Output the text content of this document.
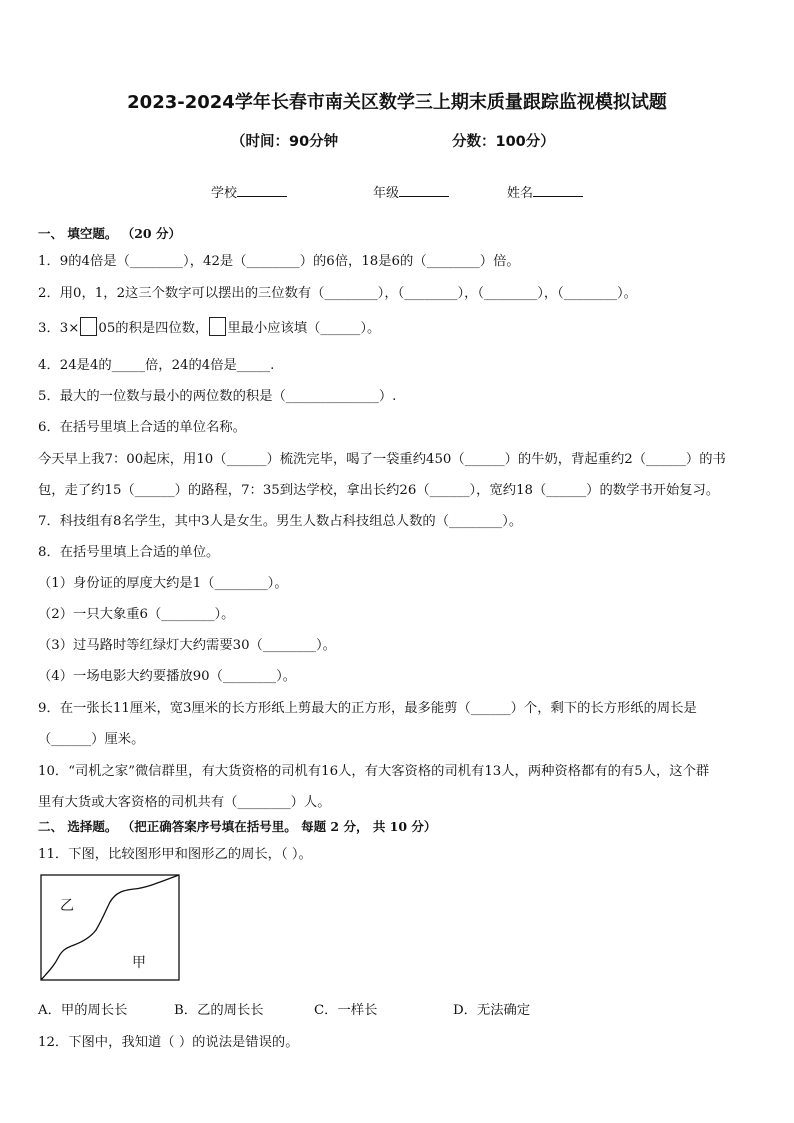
2023-2024学年长春市南关区数学三上期末质量跟踪监视模拟试题
（时间：90分钟	分数：100分）
学校	年级	姓名
一、 填空题。 （20 分）
1．9的4倍是（________），42是（________）的6倍，18是6的（________）倍。
2．用0，1，2这三个数字可以摆出的三位数有（________），（________），（________），（________）。
3．3× 05的积是四位数， 里最小应该填（______）。
4．24是4的_____倍，24的4倍是_____.
5．最大的一位数与最小的两位数的积是（______________）.
6．在括号里填上合适的单位名称。
今天早上我7：00起床，用10（______）梳洗完毕，喝了一袋重约450（______）的牛奶，背起重约2（______）的书
包，走了约15（______）的路程，7：35到达学校，拿出长约26（______），宽约18（______）的数学书开始复习。
7．科技组有8名学生，其中3人是女生。男生人数占科技组总人数的（________）。
8．在括号里填上合适的单位。
（1）身份证的厚度大约是1（________）。
（2）一只大象重6（________）。
（3）过马路时等红绿灯大约需要30（________）。
（4）一场电影大约要播放90（________）。
9．在一张长11厘米，宽3厘米的长方形纸上剪最大的正方形，最多能剪（______）个，剩下的长方形纸的周长是
（______）厘米。
10．“司机之家”微信群里，有大货资格的司机有16人，有大客资格的司机有13人，两种资格都有的有5人，这个群
里有大货或大客资格的司机共有（________）人。
二、 选择题。 （把正确答案序号填在括号里。 每题 2 分， 共 10 分）
11．下图，比较图形甲和图形乙的周长，（ ）。
乙
甲
A．甲的周长长	B．乙的周长长	C．一样长	D．无法确定
12．下图中，我知道（ ）的说法是错误的。
